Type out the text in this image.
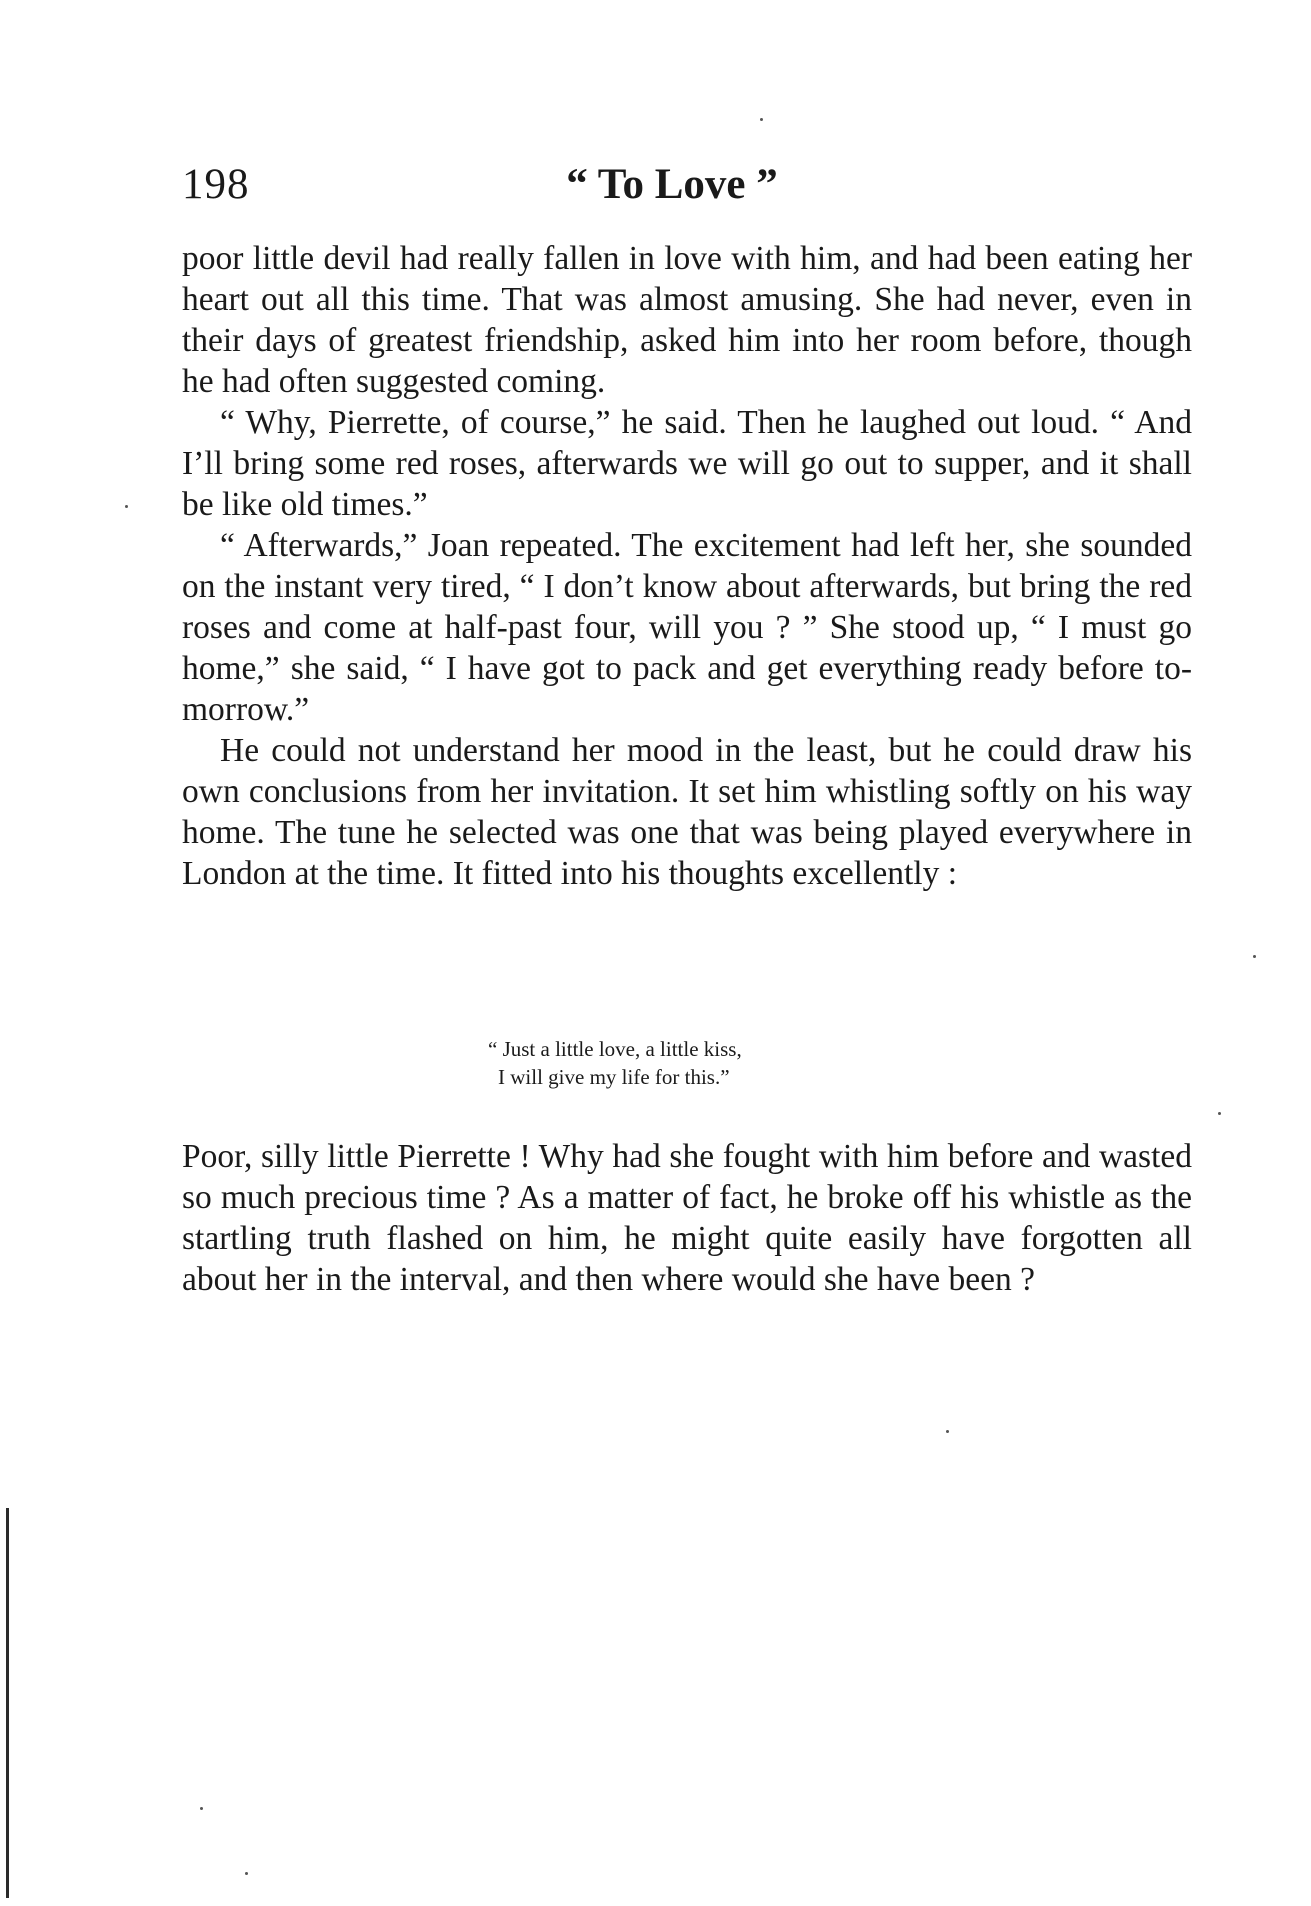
198	“ To Love ”

poor little devil had really fallen in love with him, and had been eating her heart out all this time. That was almost amusing. She had never, even in their days of greatest friendship, asked him into her room before, though he had often suggested coming.

“ Why, Pierrette, of course,” he said. Then he laughed out loud. “ And I’ll bring some red roses, afterwards we will go out to supper, and it shall be like old times.”

“ Afterwards,” Joan repeated. The excitement had left her, she sounded on the instant very tired, “ I don’t know about afterwards, but bring the red roses and come at half-past four, will you ? ” She stood up, “ I must go home,” she said, “ I have got to pack and get everything ready before to-morrow.”

He could not understand her mood in the least, but he could draw his own conclusions from her invitation. It set him whistling softly on his way home. The tune he selected was one that was being played everywhere in London at the time. It fitted into his thoughts excellently :

“ Just a little love, a little kiss,
I will give my life for this.”

Poor, silly little Pierrette ! Why had she fought with him before and wasted so much precious time ? As a matter of fact, he broke off his whistle as the startling truth flashed on him, he might quite easily have forgotten all about her in the interval, and then where would she have been ?
